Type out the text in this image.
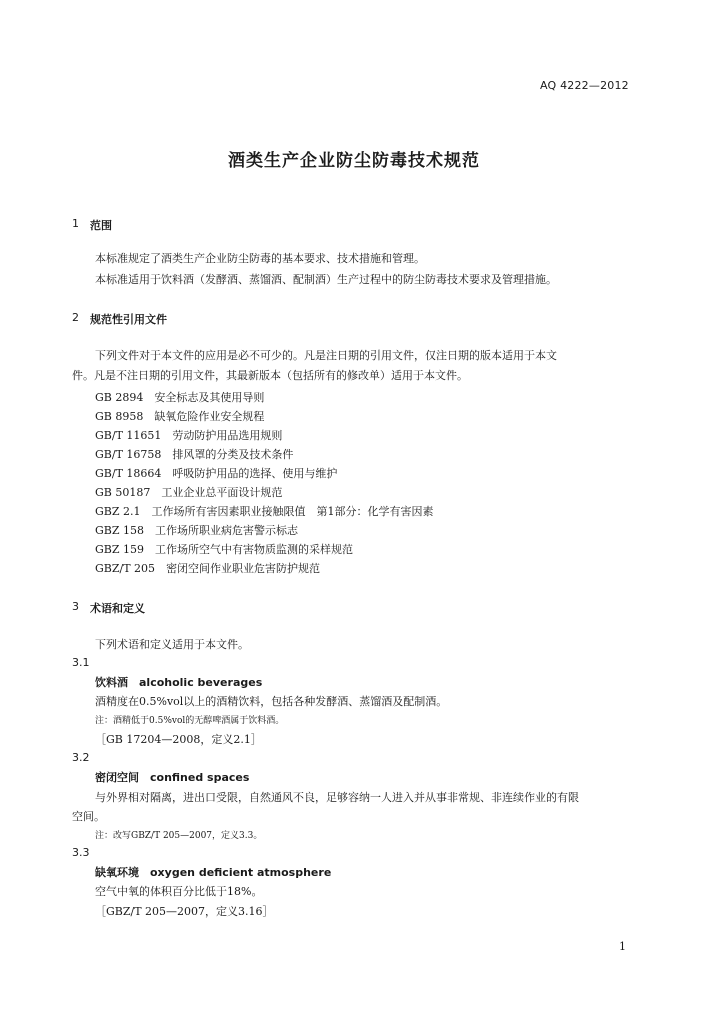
AQ 4222—2012
酒类生产企业防尘防毒技术规范
1 范围
本标准规定了酒类生产企业防尘防毒的基本要求、技术措施和管理。
本标准适用于饮料酒（发酵酒、蒸馏酒、配制酒）生产过程中的防尘防毒技术要求及管理措施。
2 规范性引用文件
下列文件对于本文件的应用是必不可少的。凡是注日期的引用文件，仅注日期的版本适用于本文
件。凡是不注日期的引用文件，其最新版本（包括所有的修改单）适用于本文件。
GB 2894　 安全标志及其使用导则
GB 8958　 缺氧危险作业安全规程
GB/T 11651　 劳动防护用品选用规则
GB/T 16758　 排风罩的分类及技术条件
GB/T 18664　 呼吸防护用品的选择、使用与维护
GB 50187　 工业企业总平面设计规范
GBZ 2.1　 工作场所有害因素职业接触限值　第1部分：化学有害因素
GBZ 158　 工作场所职业病危害警示标志
GBZ 159　 工作场所空气中有害物质监测的采样规范
GBZ/T 205　 密闭空间作业职业危害防护规范
3 术语和定义
下列术语和定义适用于本文件。
3.1
饮料酒　 alcoholic beverages
酒精度在0.5%vol以上的酒精饮料，包括各种发酵酒、蒸馏酒及配制酒。
注：酒精低于0.5%vol的无醇啤酒属于饮料酒。
［GB 17204—2008，定义2.1］
3.2
密闭空间　 confined spaces
与外界相对隔离，进出口受限，自然通风不良，足够容纳一人进入并从事非常规、非连续作业的有限
空间。
注：改写GBZ/T 205—2007，定义3.3。
3.3
缺氧环境　 oxygen deficient atmosphere
空气中氧的体积百分比低于18%。
［GBZ/T 205—2007，定义3.16］
1
